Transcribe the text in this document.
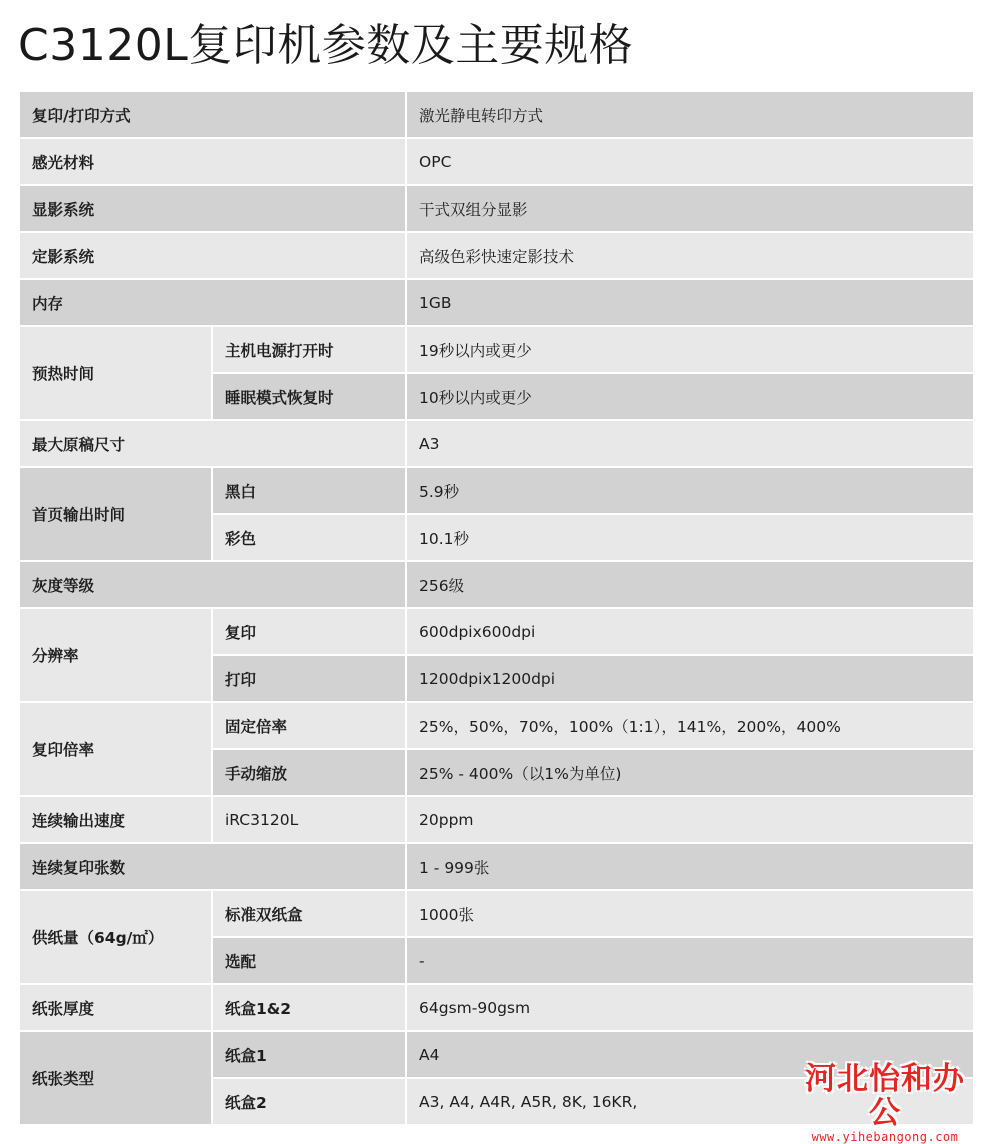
C3120L复印机参数及主要规格
复印/打印方式		激光静电转印方式
感光材料		OPC
显影系统		干式双组分显影
定影系统		高级色彩快速定影技术
内存		1GB
预热时间	主机电源打开时	19秒以内或更少
	睡眠模式恢复时	10秒以内或更少
最大原稿尺寸		A3
首页输出时间	黑白	5.9秒
	彩色	10.1秒
灰度等级		256级
分辨率	复印	600dpix600dpi
	打印	1200dpix1200dpi
复印倍率	固定倍率	25%，50%，70%，100%（1:1），141%，200%，400%
	手动缩放	25% - 400%（以1%为单位)
连续输出速度	iRC3120L	20ppm
连续复印张数		1 - 999张
供纸量（64g/㎡）	标准双纸盒	1000张
	选配	-
纸张厚度	纸盒1&2	64gsm-90gsm
纸张类型	纸盒1	A4
	纸盒2	A3, A4, A4R, A5R, 8K, 16KR,
河北怡和办公
www.yihebangong.com
